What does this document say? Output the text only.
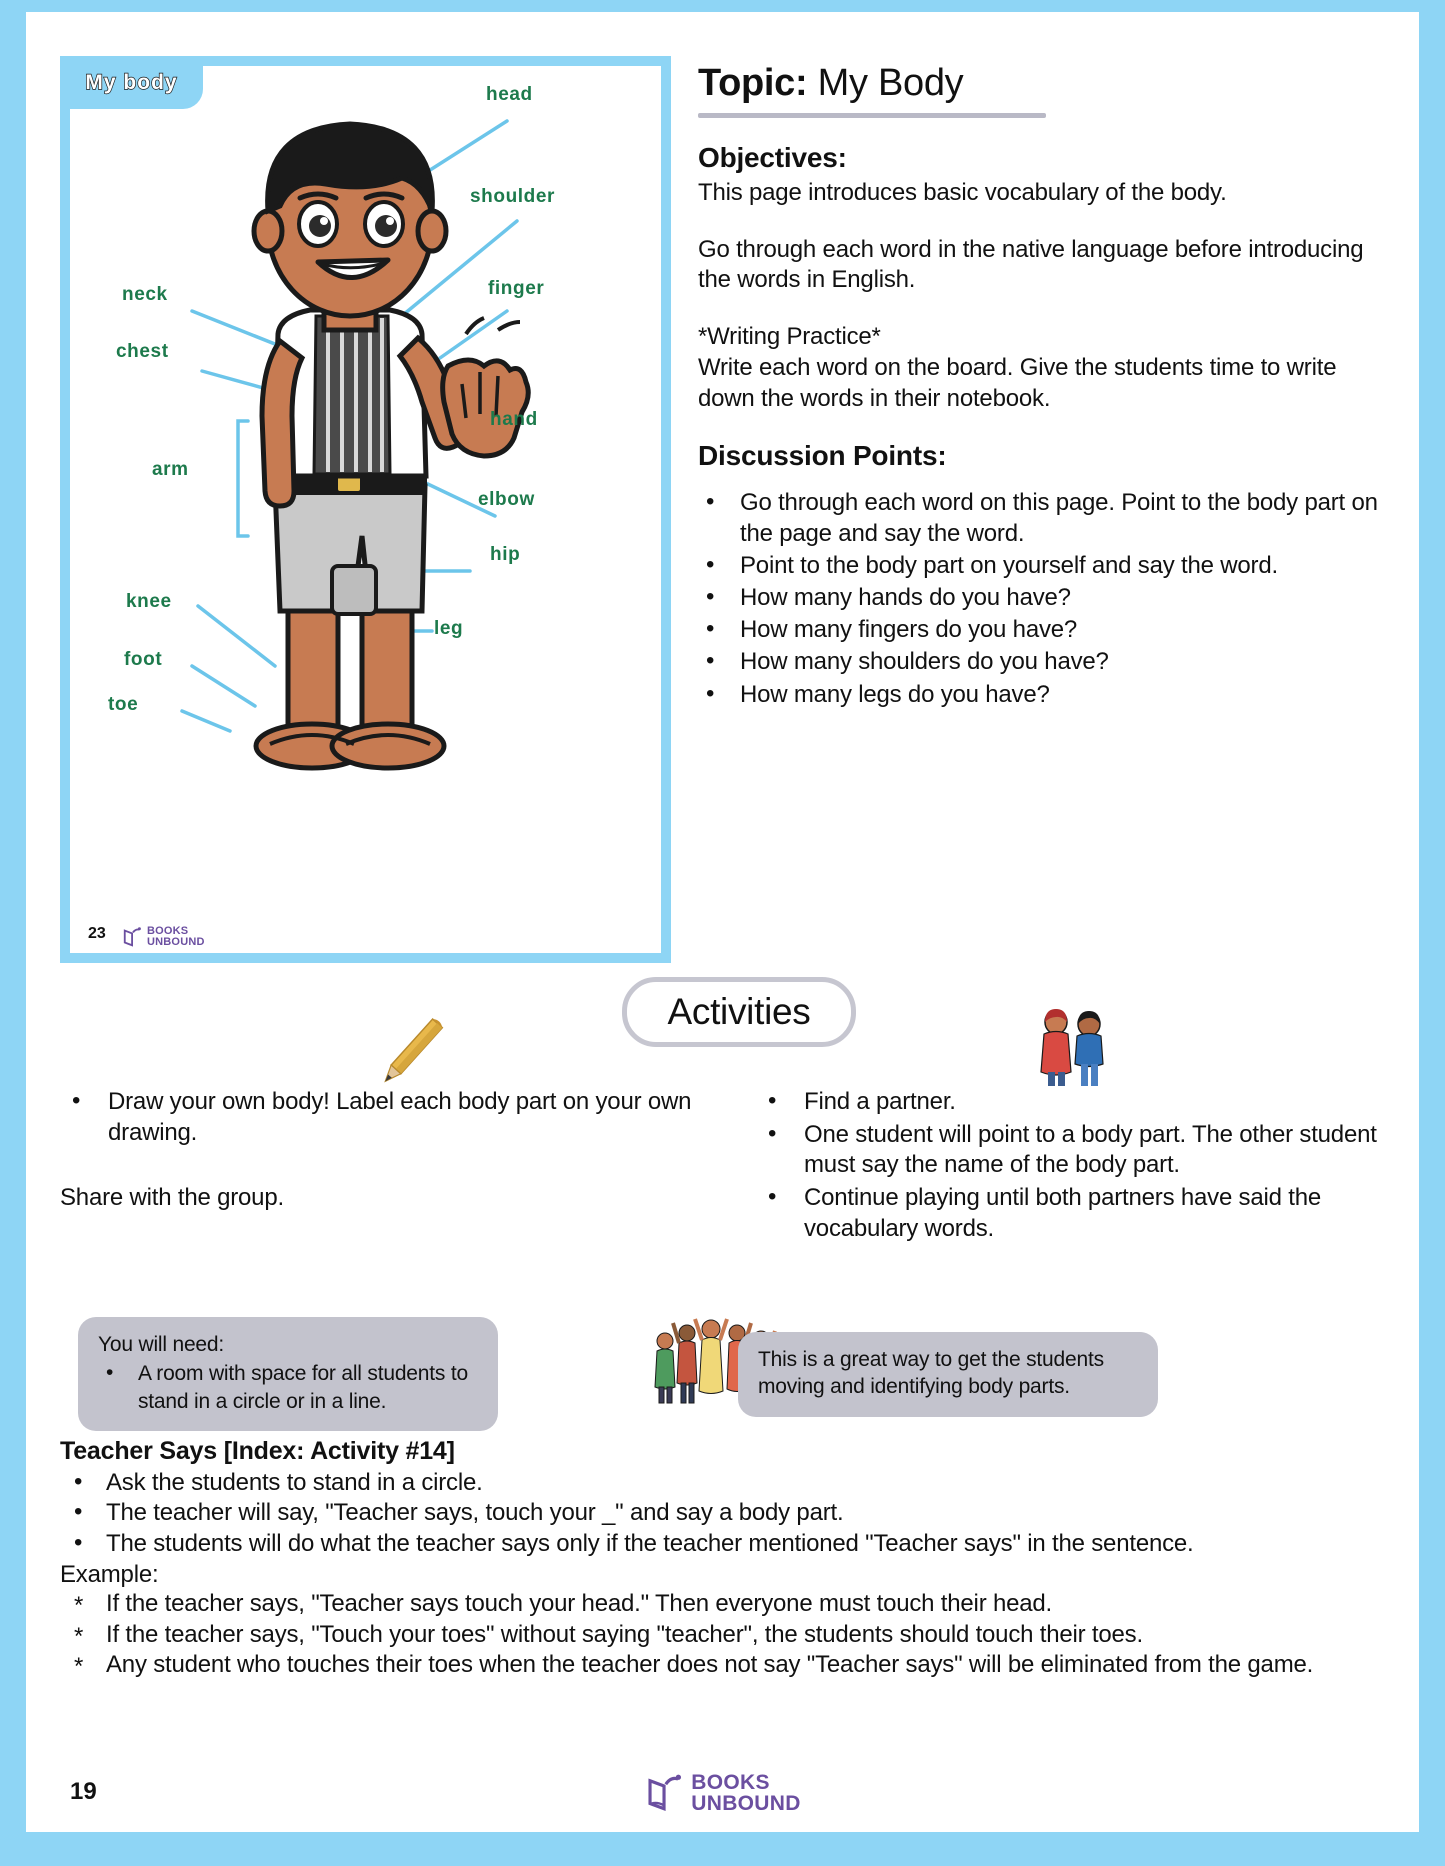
My body
head
shoulder
finger
hand
elbow
hip
leg
neck
chest
arm
knee
foot
toe
23	BOOKS
UNBOUND
Topic: My Body
Objectives:

This page introduces basic vocabulary of the body.

Go through each word in the native language before introducing the words in English.

*Writing Practice*

Write each word on the board. Give the students time to write down the words in their notebook.

Discussion Points:
• Go through each word on this page. Point to the body part on the page and say the word.
• Point to the body part on yourself and say the word.
• How many hands do you have?
• How many fingers do you have?
• How many shoulders do you have?
• How many legs do you have?
Activities
• Draw your own body! Label each body part on your own drawing.
Share with the group.
• Find a partner.
• One student will point to a body part. The other student must say the name of the body part.
• Continue playing until both partners have said the vocabulary words.
You will need:
• A room with space for all students to stand in a circle or in a line.
This is a great way to get the students moving and identifying body parts.
Teacher Says [Index: Activity #14]
• Ask the students to stand in a circle.
• The teacher will say, "Teacher says, touch your _" and say a body part.
• The students will do what the teacher says only if the teacher mentioned "Teacher says" in the sentence.
Example:
* If the teacher says, "Teacher says touch your head." Then everyone must touch their head.
* If the teacher says, "Touch your toes" without saying "teacher", the students should touch their toes.
* Any student who touches their toes when the teacher does not say "Teacher says" will be eliminated from the game.
19	BOOKS
UNBOUND
